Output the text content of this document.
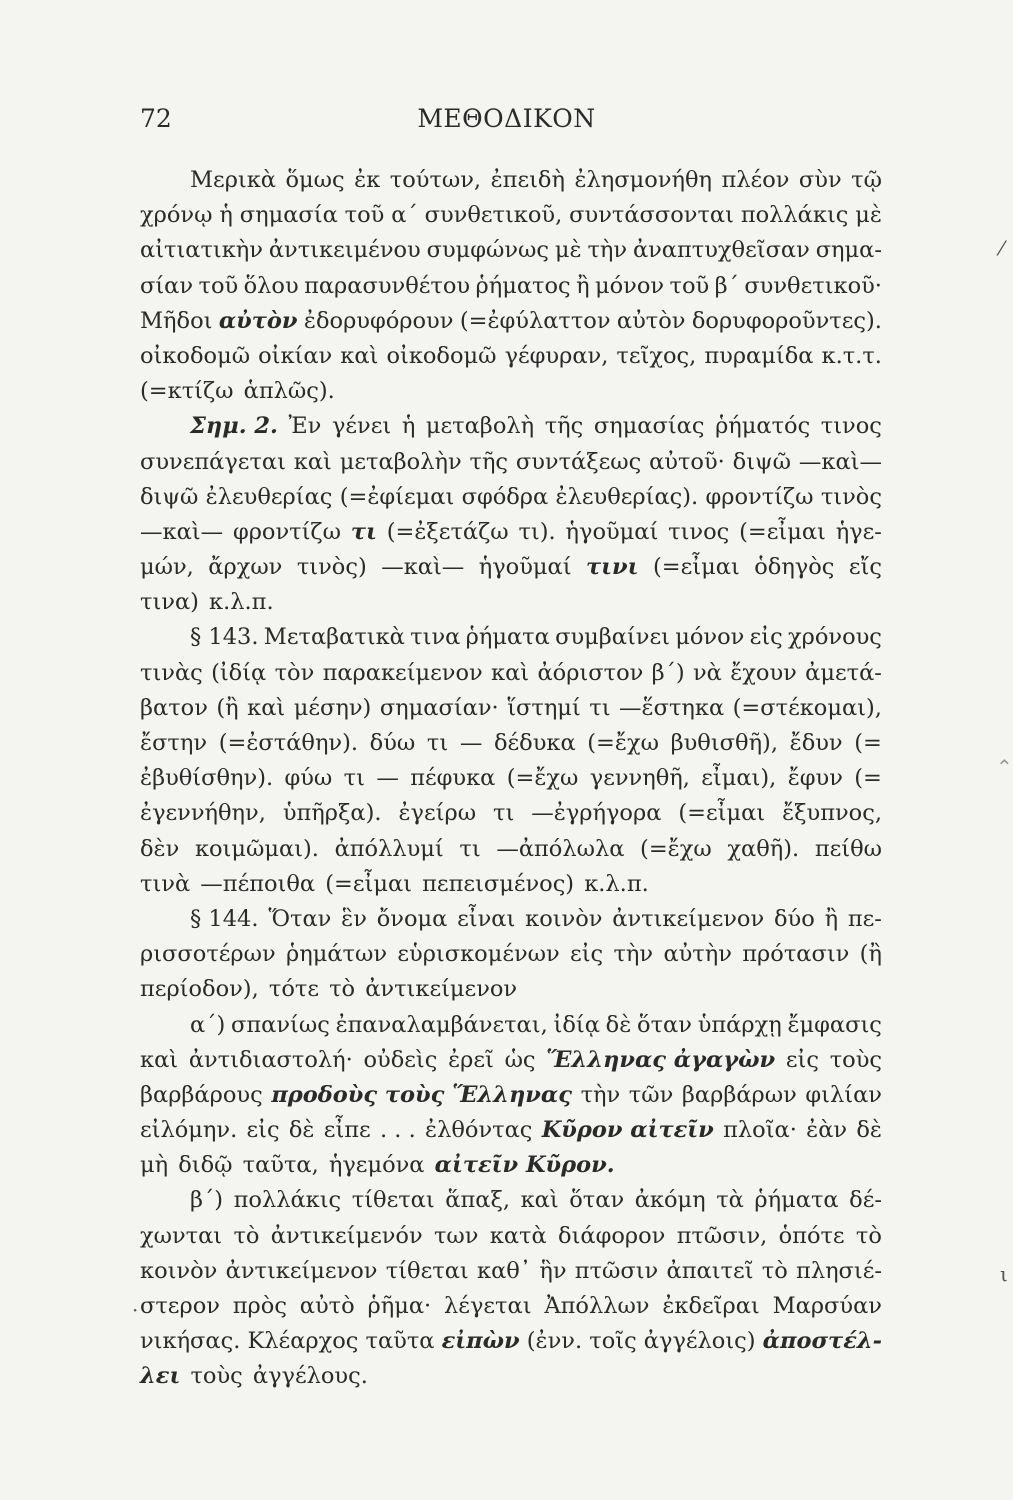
72	ΜΕΘΟΔΙΚΟΝ
Μερικὰ ὅμως ἐκ τούτων, ἐπειδὴ ἐλησμονήθη πλέον σὺν τῷ
χρόνῳ ἡ σημασία τοῦ α΄ συνθετικοῦ, συντάσσονται πολλάκις μὲ
αἰτιατικὴν ἀντικειμένου συμφώνως μὲ τὴν ἀναπτυχθεῖσαν σημα-
σίαν τοῦ ὅλου παρασυνθέτου ῥήματος ἢ μόνον τοῦ β΄ συνθετικοῦ·
Μῆδοι αὐτὸν ἐδορυφόρουν (=ἐφύλαττον αὐτὸν δορυφοροῦντες).
οἰκοδομῶ οἰκίαν καὶ οἰκοδομῶ γέφυραν, τεῖχος, πυραμίδα κ.τ.τ.
(=κτίζω ἁπλῶς).
Σημ. 2. Ἐν γένει ἡ μεταβολὴ τῆς σημασίας ῥήματός τινος
συνεπάγεται καὶ μεταβολὴν τῆς συντάξεως αὐτοῦ· διψῶ —καὶ—
διψῶ ἐλευθερίας (=ἐφίεμαι σφόδρα ἐλευθερίας). φροντίζω τινὸς
—καὶ— φροντίζω τι (=ἐξετάζω τι). ἡγοῦμαί τινος (=εἶμαι ἡγε-
μών, ἄρχων τινὸς) —καὶ— ἡγοῦμαί τινι (=εἶμαι ὁδηγὸς εἴς
τινα) κ.λ.π.
§ 143. Μεταβατικὰ τινα ῥήματα συμβαίνει μόνον εἰς χρόνους
τινὰς (ἰδίᾳ τὸν παρακείμενον καὶ ἀόριστον β΄) νὰ ἔχουν ἀμετά-
βατον (ἢ καὶ μέσην) σημασίαν· ἵστημί τι —ἕστηκα (=στέκομαι),
ἔστην (=ἐστάθην). δύω τι — δέδυκα (=ἔχω βυθισθῆ), ἔδυν (=
ἐβυθίσθην). φύω τι — πέφυκα (=ἔχω γεννηθῆ, εἶμαι), ἔφυν (=
ἐγεννήθην, ὑπῆρξα). ἐγείρω τι —ἐγρήγορα (=εἶμαι ἔξυπνος,
δὲν κοιμῶμαι). ἀπόλλυμί τι —ἀπόλωλα (=ἔχω χαθῆ). πείθω
τινὰ —πέποιθα (=εἶμαι πεπεισμένος) κ.λ.π.
§ 144. Ὅταν ἓν ὄνομα εἶναι κοινὸν ἀντικείμενον δύο ἢ πε-
ρισσοτέρων ῥημάτων εὑρισκομένων εἰς τὴν αὐτὴν πρότασιν (ἢ
περίοδον), τότε τὸ ἀντικείμενον
α΄) σπανίως ἐπαναλαμβάνεται, ἰδίᾳ δὲ ὅταν ὑπάρχῃ ἔμφασις
καὶ ἀντιδιαστολή· οὐδεὶς ἐρεῖ ὡς Ἕλληνας ἀγαγὼν εἰς τοὺς
βαρβάρους προδοὺς τοὺς Ἕλληνας τὴν τῶν βαρβάρων φιλίαν
εἰλόμην. εἰς δὲ εἶπε . . . ἐλθόντας Κῦρον αἰτεῖν πλοῖα· ἐὰν δὲ
μὴ διδῷ ταῦτα, ἡγεμόνα αἰτεῖν Κῦρον.
β΄) πολλάκις τίθεται ἅπαξ, καὶ ὅταν ἀκόμη τὰ ῥήματα δέ-
χωνται τὸ ἀντικείμενόν των κατὰ διάφορον πτῶσιν, ὁπότε τὸ
κοινὸν ἀντικείμενον τίθεται καθ᾽ ἣν πτῶσιν ἀπαιτεῖ τὸ πλησιέ-
στερον πρὸς αὐτὸ ῥῆμα· λέγεται Ἀπόλλων ἐκδεῖραι Μαρσύαν
νικήσας. Κλέαρχος ταῦτα εἰπὼν (ἐνν. τοῖς ἀγγέλοις) ἀποστέλ-
λει τοὺς ἀγγέλους.
⁄
⌃
ι
·
